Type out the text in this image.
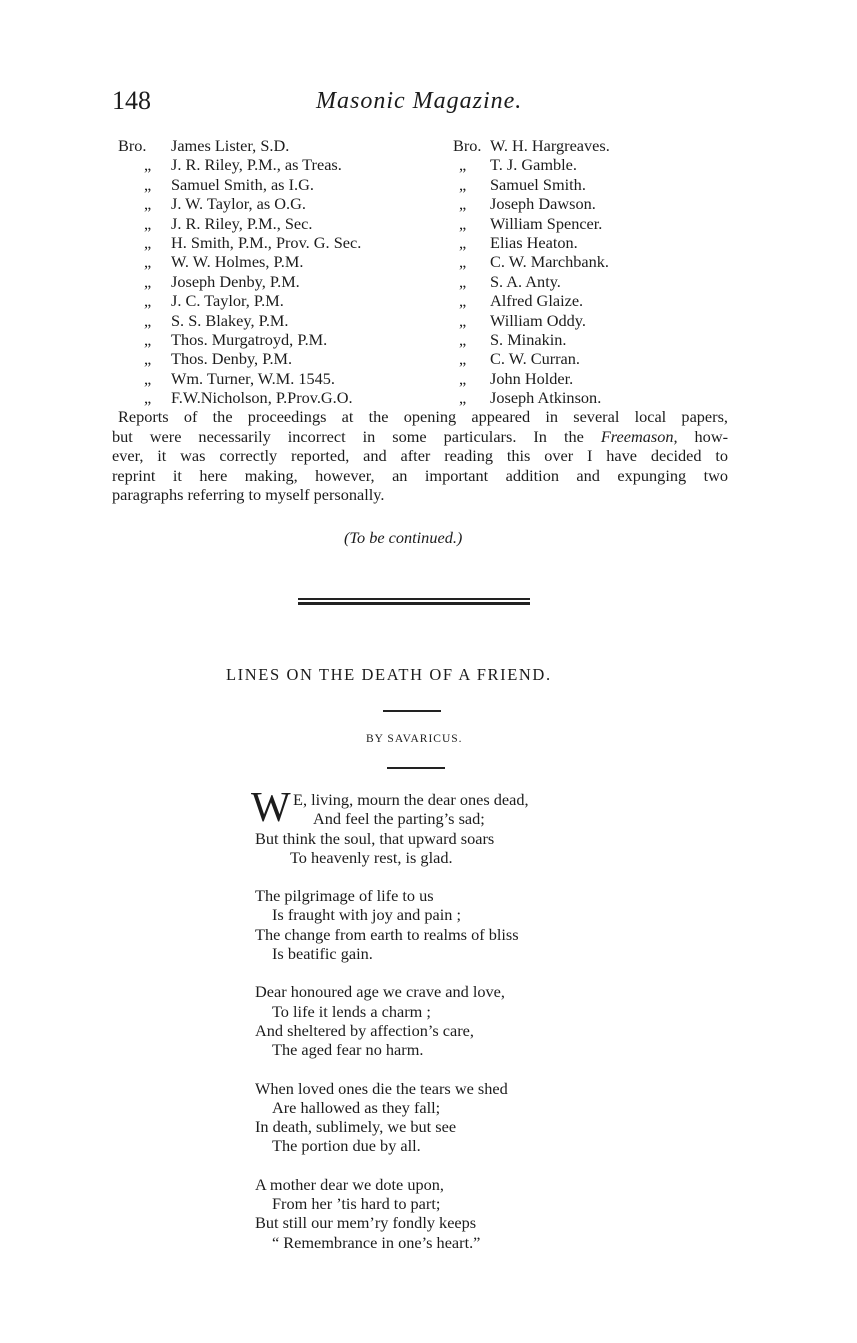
148	Masonic Magazine.
Bro. James Lister, S.D.
„ J. R. Riley, P.M., as Treas.
„ Samuel Smith, as I.G.
„ J. W. Taylor, as O.G.
„ J. R. Riley, P.M., Sec.
„ H. Smith, P.M., Prov. G. Sec.
„ W. W. Holmes, P.M.
„ Joseph Denby, P.M.
„ J. C. Taylor, P.M.
„ S. S. Blakey, P.M.
„ Thos. Murgatroyd, P.M.
„ Thos. Denby, P.M.
„ Wm. Turner, W.M. 1545.
„ F.W.Nicholson, P.Prov.G.O.
Bro. W. H. Hargreaves.
„ T. J. Gamble.
„ Samuel Smith.
„ Joseph Dawson.
„ William Spencer.
„ Elias Heaton.
„ C. W. Marchbank.
„ S. A. Anty.
„ Alfred Glaize.
„ William Oddy.
„ S. Minakin.
„ C. W. Curran.
„ John Holder.
„ Joseph Atkinson.
Reports of the proceedings at the opening appeared in several local papers,
but were necessarily incorrect in some particulars. In the Freemason, how-
ever, it was correctly reported, and after reading this over I have decided to
reprint it here making, however, an important addition and expunging two
paragraphs referring to myself personally.
(To be continued.)
LINES ON THE DEATH OF A FRIEND.
BY SAVARICUS.
W E, living, mourn the dear ones dead,
And feel the parting’s sad;
But think the soul, that upward soars
To heavenly rest, is glad.
The pilgrimage of life to us
Is fraught with joy and pain ;
The change from earth to realms of bliss
Is beatific gain.
Dear honoured age we crave and love,
To life it lends a charm ;
And sheltered by affection’s care,
The aged fear no harm.
When loved ones die the tears we shed
Are hallowed as they fall;
In death, sublimely, we but see
The portion due by all.
A mother dear we dote upon,
From her ’tis hard to part;
But still our mem’ry fondly keeps
“ Remembrance in one’s heart.”
